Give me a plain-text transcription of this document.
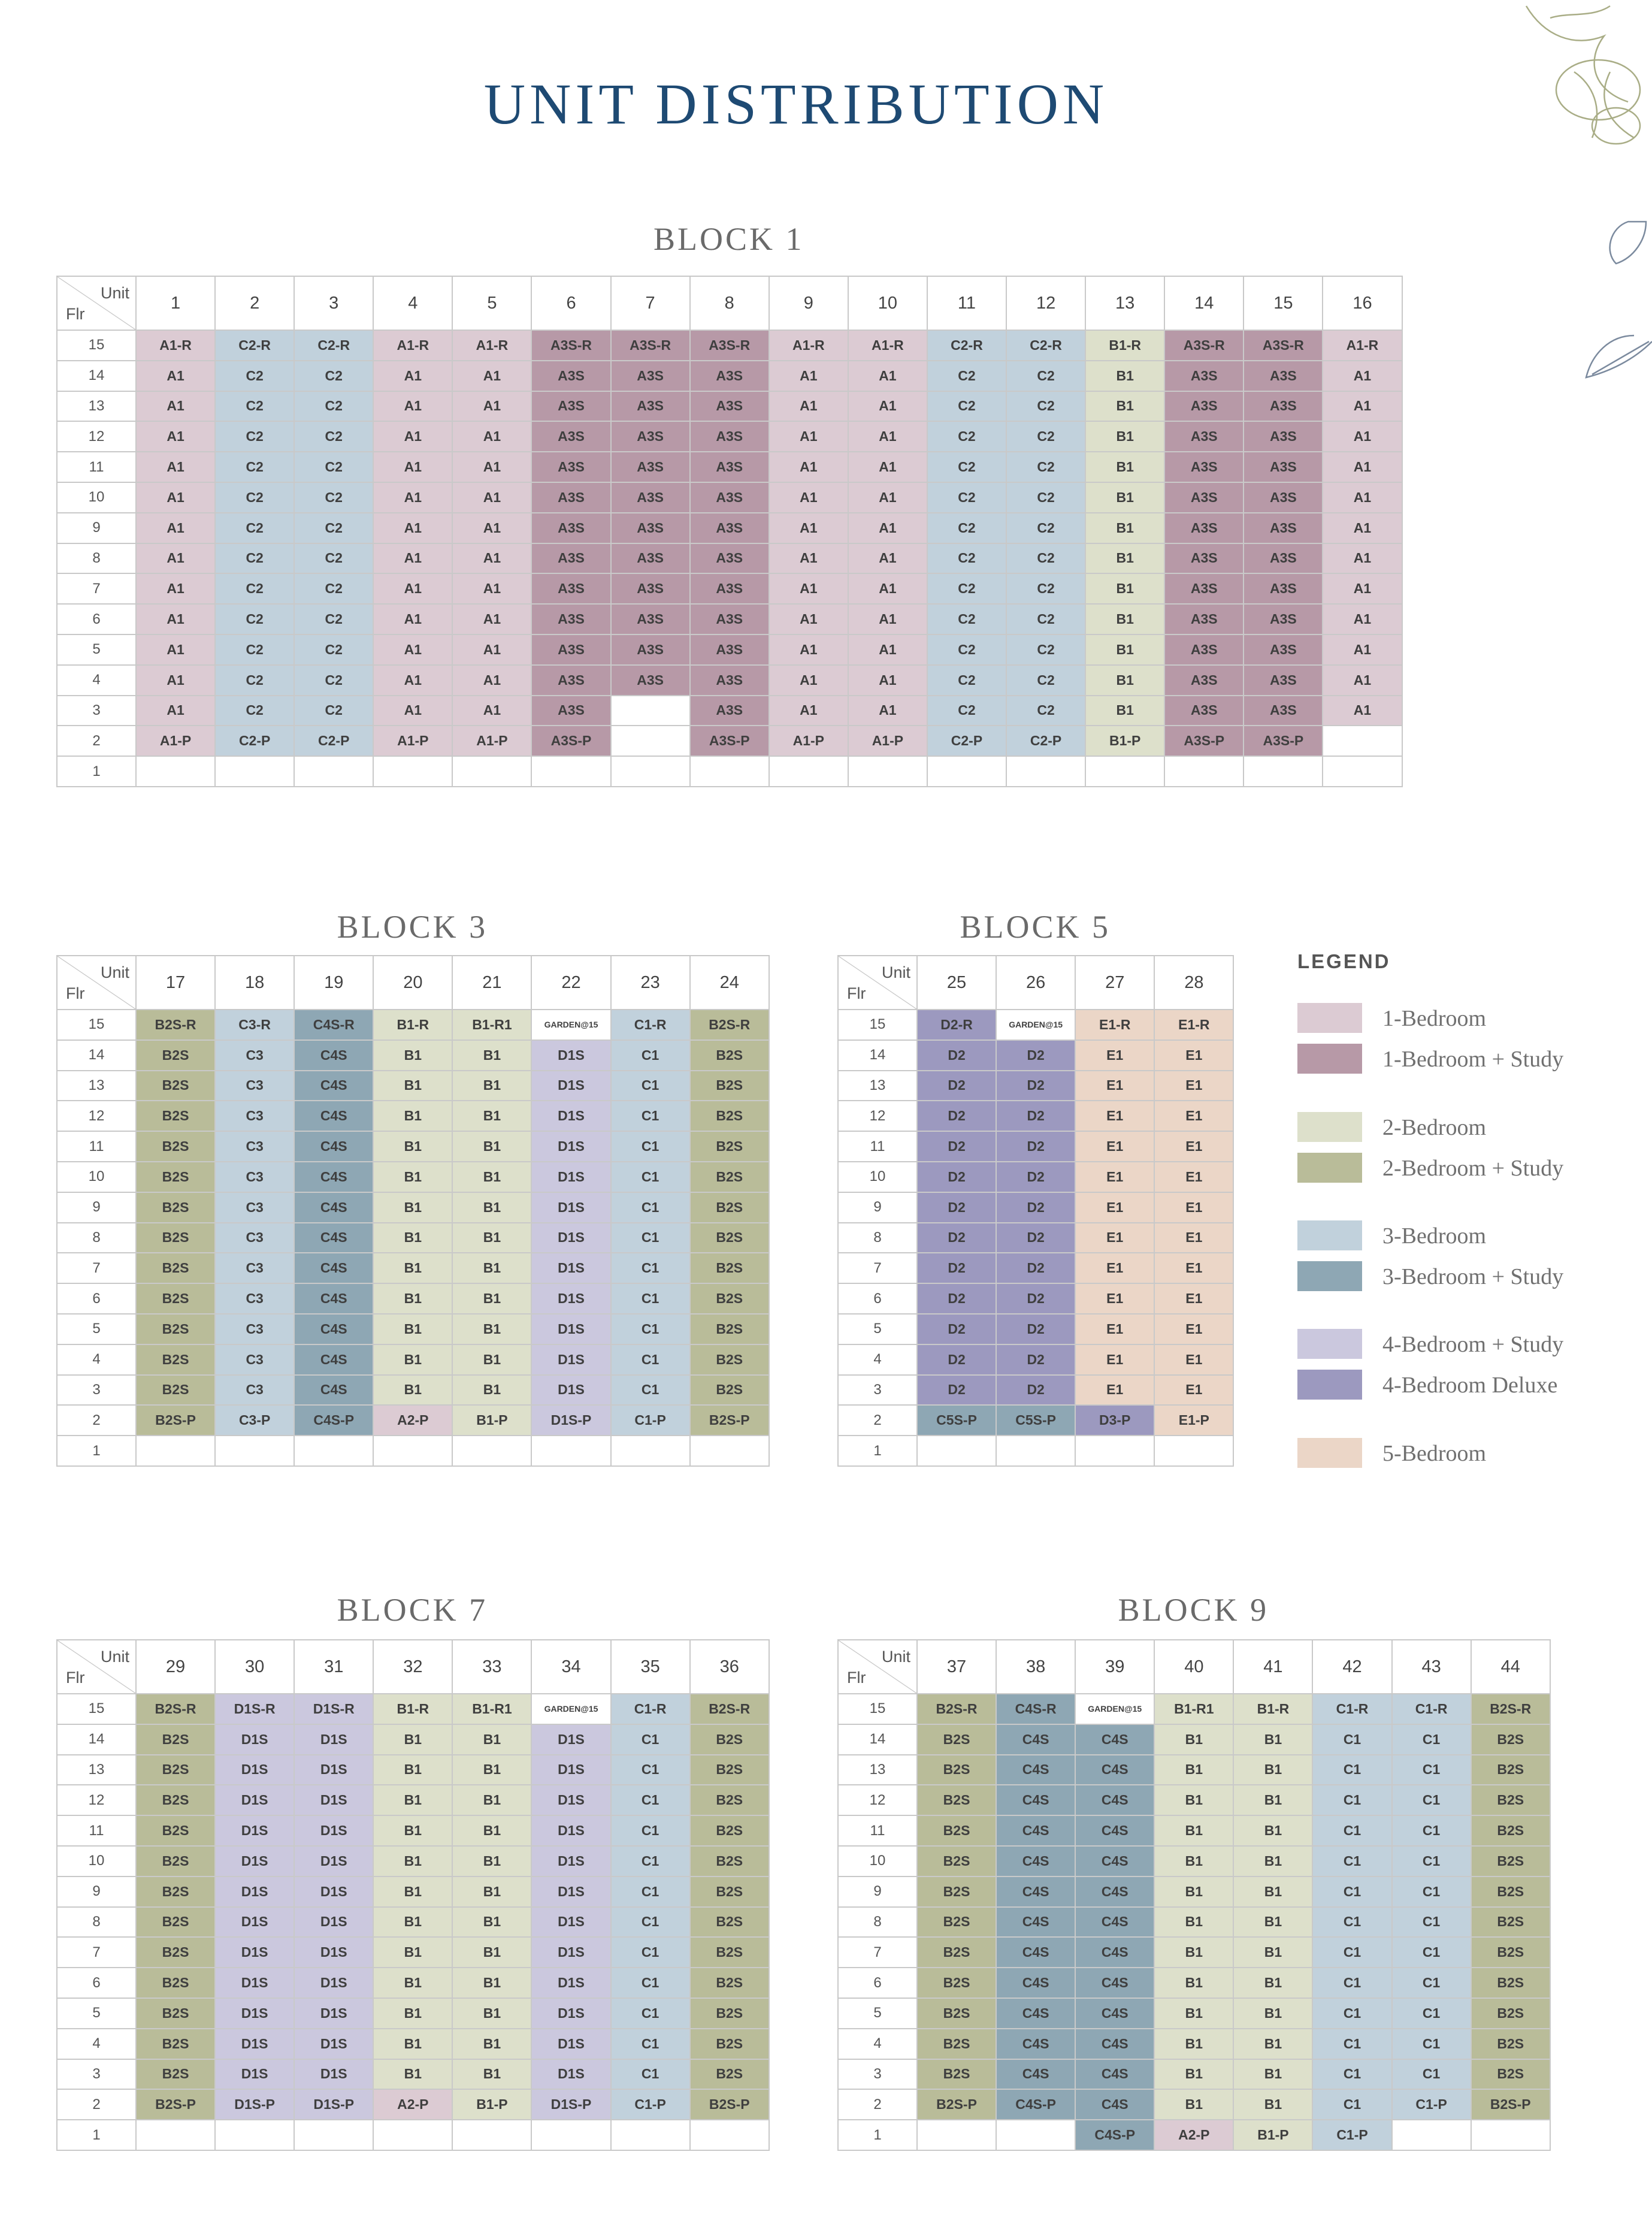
UNIT DISTRIBUTION
BLOCK 1
Unit
Flr	1	2	3	4	5	6	7	8	9	10	11	12	13	14	15	16
15	A1-R	C2-R	C2-R	A1-R	A1-R	A3S-R	A3S-R	A3S-R	A1-R	A1-R	C2-R	C2-R	B1-R	A3S-R	A3S-R	A1-R
14	A1	C2	C2	A1	A1	A3S	A3S	A3S	A1	A1	C2	C2	B1	A3S	A3S	A1
13	A1	C2	C2	A1	A1	A3S	A3S	A3S	A1	A1	C2	C2	B1	A3S	A3S	A1
12	A1	C2	C2	A1	A1	A3S	A3S	A3S	A1	A1	C2	C2	B1	A3S	A3S	A1
11	A1	C2	C2	A1	A1	A3S	A3S	A3S	A1	A1	C2	C2	B1	A3S	A3S	A1
10	A1	C2	C2	A1	A1	A3S	A3S	A3S	A1	A1	C2	C2	B1	A3S	A3S	A1
9	A1	C2	C2	A1	A1	A3S	A3S	A3S	A1	A1	C2	C2	B1	A3S	A3S	A1
8	A1	C2	C2	A1	A1	A3S	A3S	A3S	A1	A1	C2	C2	B1	A3S	A3S	A1
7	A1	C2	C2	A1	A1	A3S	A3S	A3S	A1	A1	C2	C2	B1	A3S	A3S	A1
6	A1	C2	C2	A1	A1	A3S	A3S	A3S	A1	A1	C2	C2	B1	A3S	A3S	A1
5	A1	C2	C2	A1	A1	A3S	A3S	A3S	A1	A1	C2	C2	B1	A3S	A3S	A1
4	A1	C2	C2	A1	A1	A3S	A3S	A3S	A1	A1	C2	C2	B1	A3S	A3S	A1
3	A1	C2	C2	A1	A1	A3S		A3S	A1	A1	C2	C2	B1	A3S	A3S	A1
2	A1-P	C2-P	C2-P	A1-P	A1-P	A3S-P		A3S-P	A1-P	A1-P	C2-P	C2-P	B1-P	A3S-P	A3S-P	
1																
BLOCK 3
Unit
Flr	17	18	19	20	21	22	23	24
15	B2S-R	C3-R	C4S-R	B1-R	B1-R1	GARDEN@15	C1-R	B2S-R
14	B2S	C3	C4S	B1	B1	D1S	C1	B2S
13	B2S	C3	C4S	B1	B1	D1S	C1	B2S
12	B2S	C3	C4S	B1	B1	D1S	C1	B2S
11	B2S	C3	C4S	B1	B1	D1S	C1	B2S
10	B2S	C3	C4S	B1	B1	D1S	C1	B2S
9	B2S	C3	C4S	B1	B1	D1S	C1	B2S
8	B2S	C3	C4S	B1	B1	D1S	C1	B2S
7	B2S	C3	C4S	B1	B1	D1S	C1	B2S
6	B2S	C3	C4S	B1	B1	D1S	C1	B2S
5	B2S	C3	C4S	B1	B1	D1S	C1	B2S
4	B2S	C3	C4S	B1	B1	D1S	C1	B2S
3	B2S	C3	C4S	B1	B1	D1S	C1	B2S
2	B2S-P	C3-P	C4S-P	A2-P	B1-P	D1S-P	C1-P	B2S-P
1								
BLOCK 5
Unit
Flr	25	26	27	28
15	D2-R	GARDEN@15	E1-R	E1-R
14	D2	D2	E1	E1
13	D2	D2	E1	E1
12	D2	D2	E1	E1
11	D2	D2	E1	E1
10	D2	D2	E1	E1
9	D2	D2	E1	E1
8	D2	D2	E1	E1
7	D2	D2	E1	E1
6	D2	D2	E1	E1
5	D2	D2	E1	E1
4	D2	D2	E1	E1
3	D2	D2	E1	E1
2	C5S-P	C5S-P	D3-P	E1-P
1				
BLOCK 7
Unit
Flr	29	30	31	32	33	34	35	36
15	B2S-R	D1S-R	D1S-R	B1-R	B1-R1	GARDEN@15	C1-R	B2S-R
14	B2S	D1S	D1S	B1	B1	D1S	C1	B2S
13	B2S	D1S	D1S	B1	B1	D1S	C1	B2S
12	B2S	D1S	D1S	B1	B1	D1S	C1	B2S
11	B2S	D1S	D1S	B1	B1	D1S	C1	B2S
10	B2S	D1S	D1S	B1	B1	D1S	C1	B2S
9	B2S	D1S	D1S	B1	B1	D1S	C1	B2S
8	B2S	D1S	D1S	B1	B1	D1S	C1	B2S
7	B2S	D1S	D1S	B1	B1	D1S	C1	B2S
6	B2S	D1S	D1S	B1	B1	D1S	C1	B2S
5	B2S	D1S	D1S	B1	B1	D1S	C1	B2S
4	B2S	D1S	D1S	B1	B1	D1S	C1	B2S
3	B2S	D1S	D1S	B1	B1	D1S	C1	B2S
2	B2S-P	D1S-P	D1S-P	A2-P	B1-P	D1S-P	C1-P	B2S-P
1								
BLOCK 9
Unit
Flr	37	38	39	40	41	42	43	44
15	B2S-R	C4S-R	GARDEN@15	B1-R1	B1-R	C1-R	C1-R	B2S-R
14	B2S	C4S	C4S	B1	B1	C1	C1	B2S
13	B2S	C4S	C4S	B1	B1	C1	C1	B2S
12	B2S	C4S	C4S	B1	B1	C1	C1	B2S
11	B2S	C4S	C4S	B1	B1	C1	C1	B2S
10	B2S	C4S	C4S	B1	B1	C1	C1	B2S
9	B2S	C4S	C4S	B1	B1	C1	C1	B2S
8	B2S	C4S	C4S	B1	B1	C1	C1	B2S
7	B2S	C4S	C4S	B1	B1	C1	C1	B2S
6	B2S	C4S	C4S	B1	B1	C1	C1	B2S
5	B2S	C4S	C4S	B1	B1	C1	C1	B2S
4	B2S	C4S	C4S	B1	B1	C1	C1	B2S
3	B2S	C4S	C4S	B1	B1	C1	C1	B2S
2	B2S-P	C4S-P	C4S	B1	B1	C1	C1-P	B2S-P
1			C4S-P	A2-P	B1-P	C1-P		
LEGEND
1-Bedroom
1-Bedroom + Study
2-Bedroom
2-Bedroom + Study
3-Bedroom
3-Bedroom + Study
4-Bedroom + Study
4-Bedroom Deluxe
5-Bedroom
